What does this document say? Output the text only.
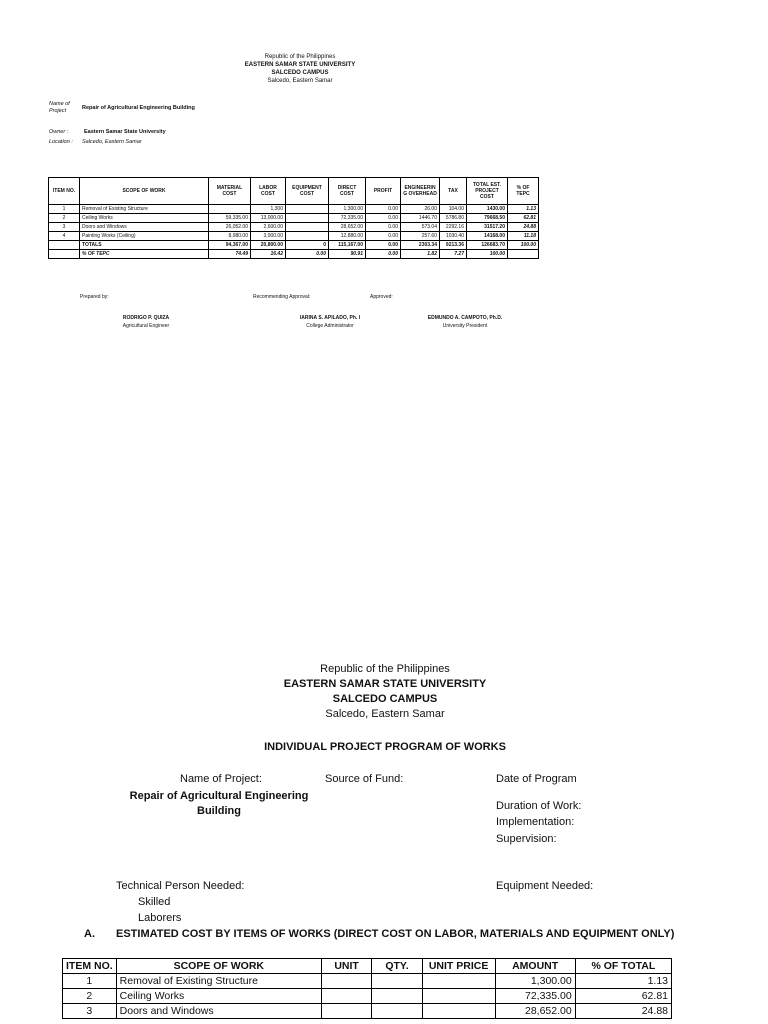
Republic of the Philippines
EASTERN SAMAR STATE UNIVERSITY
SALCEDO CAMPUS
Salcedo, Eastern Samar
Name of
Project	Repair of Agricultural Engineering Building
Owner :	Eastern Samar State University
Location : Salcedo, Eastern Samar
ITEM NO.	SCOPE OF WORK	MATERIAL COST	LABOR COST	EQUIPMENT COST	DIRECT COST	PROFIT	ENGINEERING OVERHEAD	TAX	TOTAL EST. PROJECT COST	% OF TEPC
1	Removal of Existing Structure		1,300		1,300.00	0.00	26.00	104.00	1430.00	1.13
2	Ceiling Works	59,335.00	13,000.00		72,335.00	0.00	1446.70	5786.80	79668.50	62.81
3	Doors and Windows	26,052.00	2,600.00		28,652.00	0.00	573.04	2292.16	31517.20	24.88
4	Painting Works (Ceiling)	8,980.00	3,900.00		12,880.00	0.00	257.60	1030.40	14168.00	11.18
	TOTALS	94,367.00	20,800.00	0	115,167.00	0.00	2303.34	9213.36	126683.70	100.00
	% OF TEPC	74.49	16.42	0.00	90.91	0.00	1.82	7.27	100.00	
Prepared by:	Recommending Approval:	Approved:
RODRIGO P. QUIZA
Agricultural Engineer
IARINA S. APILADO, Ph. I
College Administrator
EDMUNDO A. CAMPOTO, Ph.D.
University President
Republic of the Philippines
EASTERN SAMAR STATE UNIVERSITY
SALCEDO CAMPUS
Salcedo, Eastern Samar
INDIVIDUAL PROJECT PROGRAM OF WORKS
Name of Project:	Source of Fund:	Date of Program
Repair of Agricultural Engineering
Building	Duration of Work:
Implementation:
Supervision:
Technical Person Needed:	Equipment Needed:
Skilled
Laborers
A. ESTIMATED COST BY ITEMS OF WORKS (DIRECT COST ON LABOR, MATERIALS AND EQUIPMENT ONLY)
ITEM NO.	SCOPE OF WORK	UNIT	QTY.	UNIT PRICE	AMOUNT	% OF TOTAL
1	Removal of Existing Structure				1,300.00	1.13
2	Ceiling Works				72,335.00	62.81
3	Doors and Windows				28,652.00	24.88
